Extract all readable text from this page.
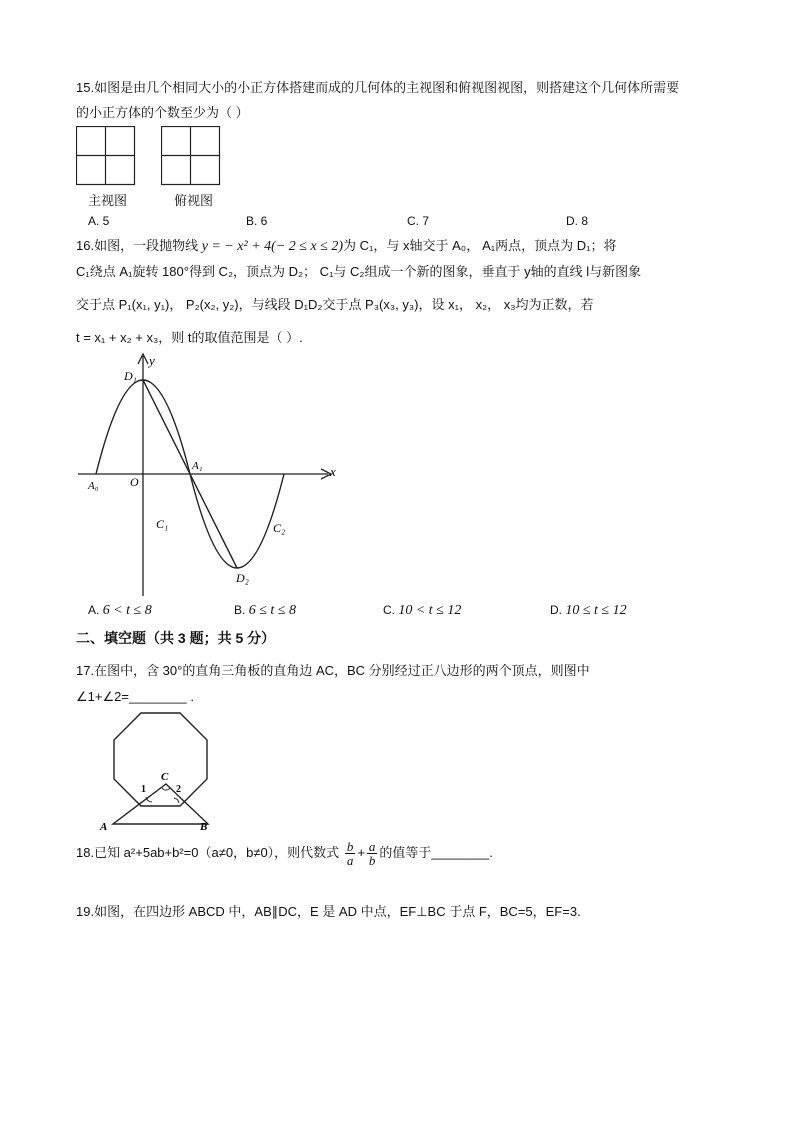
15.如图是由几个相同大小的小正方体搭建而成的几何体的主视图和俯视图视图，则搭建这个几何体所需要
的小正方体的个数至少为（ ）
主视图	俯视图
A. 5	B. 6	C. 7	D. 8
16.如图，一段抛物线 y = − x² + 4(− 2 ≤ x ≤ 2)为 C₁，与 x轴交于 A₀， A₁两点，顶点为 D₁；将
C₁绕点 A₁旋转 180°得到 C₂，顶点为 D₂； C₁与 C₂组成一个新的图象，垂直于 y轴的直线 l与新图象
交于点 P₁(x₁, y₁)， P₂(x₂, y₂)，与线段 D₁D₂交于点 P₃(x₃, y₃)，设 x₁， x₂， x₃均为正数，若
t = x₁ + x₂ + x₃，则 t的取值范围是（ ）.
y
x
D₁
A₁
A₀	O
C₁	C₂
D₂
A. 6 < t ≤ 8	B. 6 ≤ t ≤ 8	C. 10 < t ≤ 12	D. 10 ≤ t ≤ 12
二、填空题（共 3 题；共 5 分）
17.在图中，含 30°的直角三角板的直角边 AC，BC 分别经过正八边形的两个顶点，则图中
∠1+∠2=________ .
C
1	2
A	B
18.已知 a²+5ab+b²=0（a≠0，b≠0），则代数式 $\frac{b}{a} + \frac{a}{b}$ 的值等于________.
19.如图，在四边形 ABCD 中，AB∥DC，E 是 AD 中点，EF⊥BC 于点 F，BC=5，EF=3.
